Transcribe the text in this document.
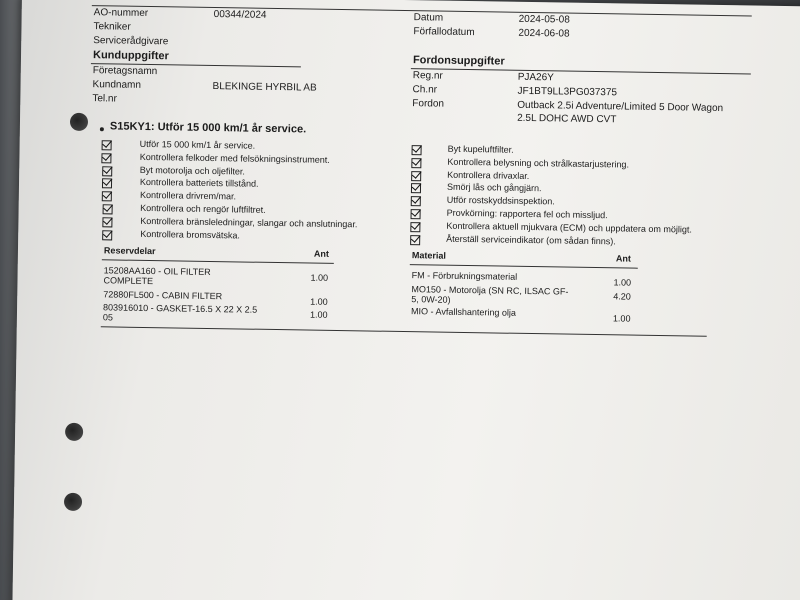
AO-nummer	00344/2024
Tekniker
Servicerådgivare
Datum	2024-05-08
Förfallodatum	2024-06-08
Kunduppgifter
Företagsnamn
Kundnamn	BLEKINGE HYRBIL AB
Tel.nr
Fordonsuppgifter
Reg.nr	PJA26Y
Ch.nr	JF1BT9LL3PG037375
Fordon	Outback 2.5i Adventure/Limited 5 Door Wagon
2.5L DOHC AWD CVT
S15KY1: Utför 15 000 km/1 år service.
Utför 15 000 km/1 år service.
Kontrollera felkoder med felsökningsinstrument.
Byt motorolja och oljefilter.
Kontrollera batteriets tillstånd.
Kontrollera drivrem/mar.
Kontrollera och rengör luftfiltret.
Kontrollera bränsleledningar, slangar och anslutningar.
Kontrollera bromsvätska.
Byt kupeluftfilter.
Kontrollera belysning och strålkastarjustering.
Kontrollera drivaxlar.
Smörj lås och gångjärn.
Utför rostskyddsinspektion.
Provkörning: rapportera fel och missljud.
Kontrollera aktuell mjukvara (ECM) och uppdatera om möjligt.
Återställ serviceindikator (om sådan finns).
Reservdelar	Ant
15208AA160 - OIL FILTER
COMPLETE	1.00
72880FL500 - CABIN FILTER
1.00
803916010 - GASKET-16.5 X 22 X 2.5
05	1.00
Material	Ant
FM - Förbrukningsmaterial
1.00
MO150 - Motorolja (SN RC, ILSAC GF-
5, 0W-20)	4.20
MIO - Avfallshantering olja
1.00
